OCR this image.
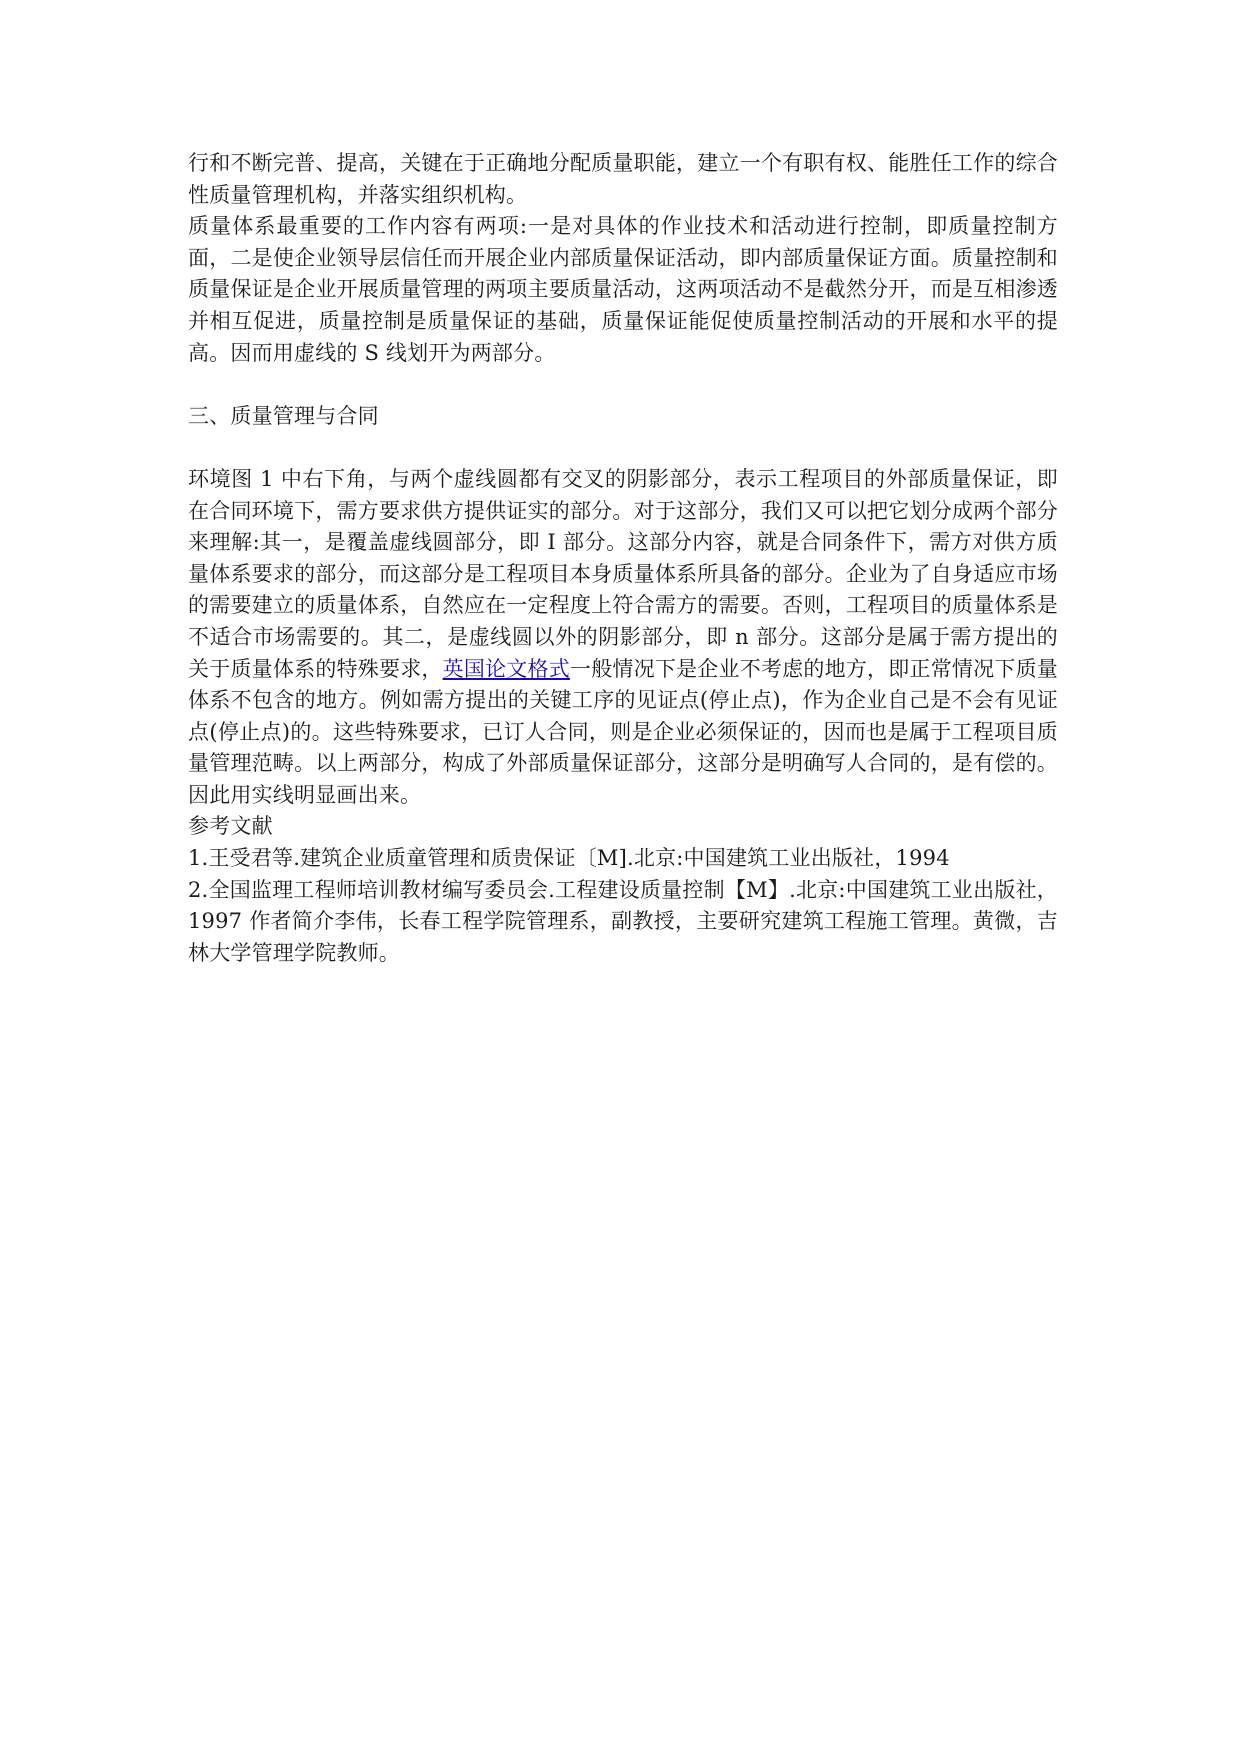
行和不断完普、提高，关键在于正确地分配质量职能，建立一个有职有权、能胜任工作的综合性质量管理机构，并落实组织机构。

质量体系最重要的工作内容有两项:一是对具体的作业技术和活动进行控制，即质量控制方面，二是使企业领导层信任而开展企业内部质量保证活动，即内部质量保证方面。质量控制和质量保证是企业开展质量管理的两项主要质量活动，这两项活动不是截然分开，而是互相渗透并相互促进，质量控制是质量保证的基础，质量保证能促使质量控制活动的开展和水平的提高。因而用虚线的 S 线划开为两部分。

三、质量管理与合同

环境图 1 中右下角，与两个虚线圆都有交叉的阴影部分，表示工程项目的外部质量保证，即在合同环境下，需方要求供方提供证实的部分。对于这部分，我们又可以把它划分成两个部分来理解:其一，是覆盖虚线圆部分，即 I 部分。这部分内容，就是合同条件下，需方对供方质量体系要求的部分，而这部分是工程项目本身质量体系所具备的部分。企业为了自身适应市场的需要建立的质量体系，自然应在一定程度上符合需方的需要。否则，工程项目的质量体系是不适合市场需要的。其二，是虚线圆以外的阴影部分，即 n 部分。这部分是属于需方提出的关于质量体系的特殊要求，英国论文格式一般情况下是企业不考虑的地方，即正常情况下质量体系不包含的地方。例如需方提出的关键工序的见证点(停止点)，作为企业自己是不会有见证点(停止点)的。这些特殊要求，已订人合同，则是企业必须保证的，因而也是属于工程项目质量管理范畴。以上两部分，构成了外部质量保证部分，这部分是明确写人合同的，是有偿的。因此用实线明显画出来。

参考文献

1.王受君等.建筑企业质童管理和质贵保证〔M].北京:中国建筑工业出版社，1994

2.全国监理工程师培训教材编写委员会.工程建设质量控制【M】.北京:中国建筑工业出版社，1997 作者简介李伟，长春工程学院管理系，副教授，主要研究建筑工程施工管理。黄微，吉林大学管理学院教师。
